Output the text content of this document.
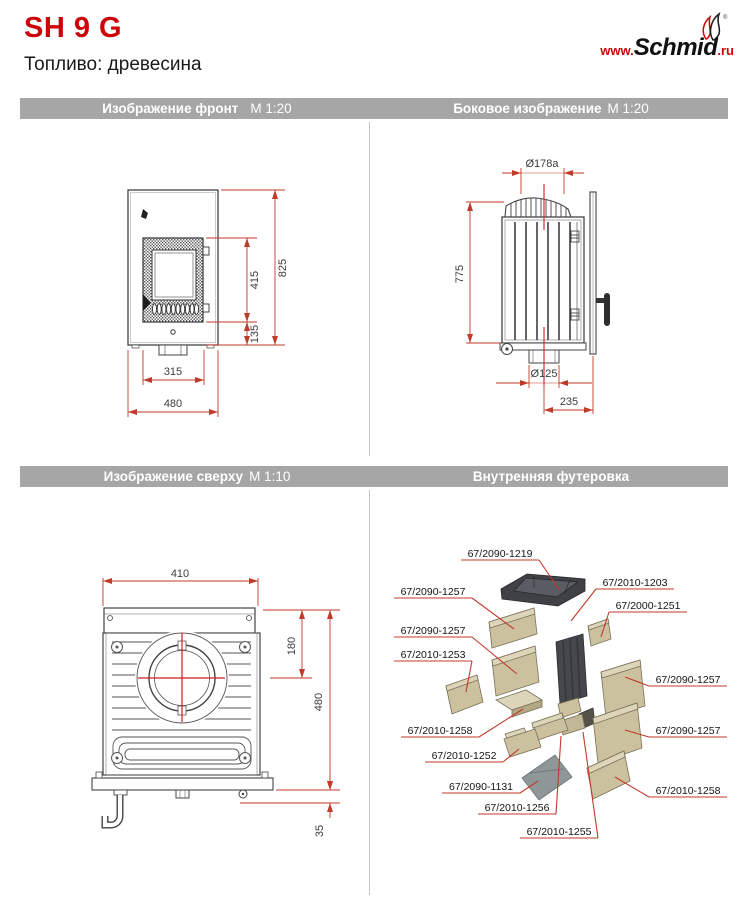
SH 9 G
Топливо: древесина
®
www.Schmid.ru
Изображение фронт М 1:20	Боковое изображение М 1:20
Изображение сверху М 1:10	Внутренняя футеровка
825
415
135
315
480
Ø178a
775
Ø125
235
410
180
480
35
67/2090-1219
67/2010-1203
67/2000-1251
67/2090-1257
67/2090-1257
67/2010-1253
67/2010-1258
67/2010-1252
67/2090-1131
67/2010-1256
67/2010-1255
67/2090-1257
67/2090-1257
67/2010-1258
